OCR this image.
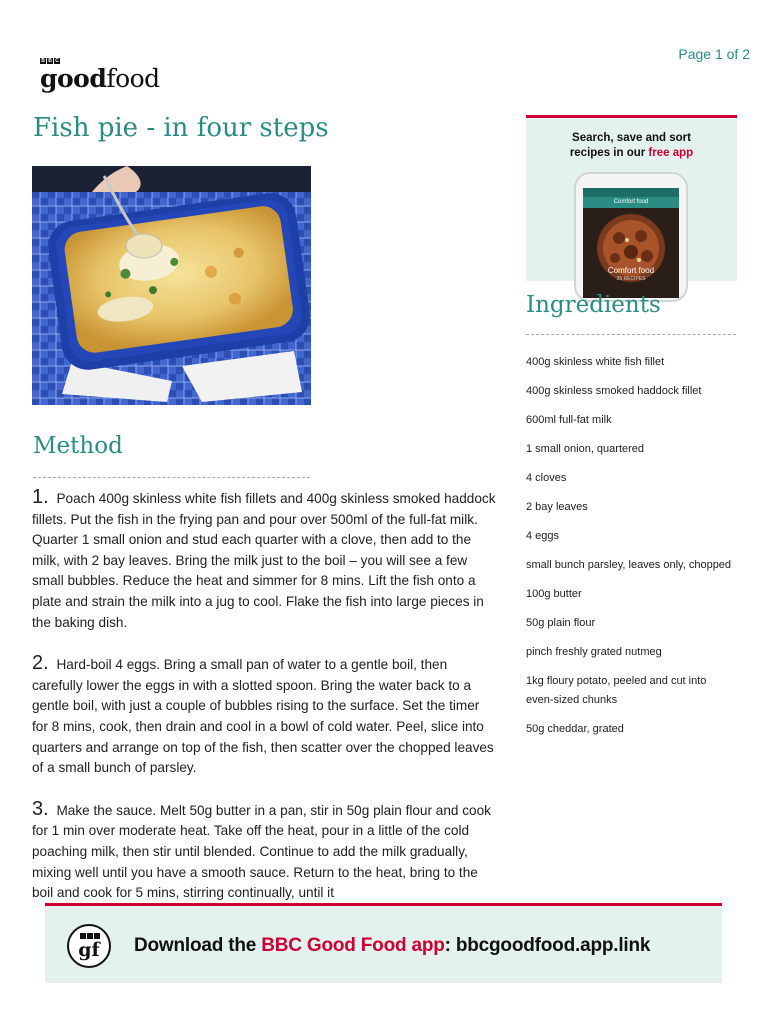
Page 1 of 2
B B C
goodfood
Fish pie - in four steps
Method

1. Poach 400g skinless white fish fillets and 400g skinless smoked haddock fillets. Put the fish in the frying pan and pour over 500ml of the full-fat milk. Quarter 1 small onion and stud each quarter with a clove, then add to the milk, with 2 bay leaves. Bring the milk just to the boil – you will see a few small bubbles. Reduce the heat and simmer for 8 mins. Lift the fish onto a plate and strain the milk into a jug to cool. Flake the fish into large pieces in the baking dish.

2. Hard-boil 4 eggs. Bring a small pan of water to a gentle boil, then carefully lower the eggs in with a slotted spoon. Bring the water back to a gentle boil, with just a couple of bubbles rising to the surface. Set the timer for 8 mins, cook, then drain and cool in a bowl of cold water. Peel, slice into quarters and arrange on top of the fish, then scatter over the chopped leaves of a small bunch of parsley.

3. Make the sauce. Melt 50g butter in a pan, stir in 50g plain flour and cook for 1 min over moderate heat. Take off the heat, pour in a little of the cold poaching milk, then stir until blended. Continue to add the milk gradually, mixing well until you have a smooth sauce. Return to the heat, bring to the boil and cook for 5 mins, stirring continually, until it

Search, save and sort
recipes in our free app
Comfort food
Comfort food
36 RECIPES
Ingredients
400g skinless white fish fillet
400g skinless smoked haddock fillet
600ml full-fat milk
1 small onion, quartered
4 cloves
2 bay leaves
4 eggs
small bunch parsley, leaves only, chopped
100g butter
50g plain flour
pinch freshly grated nutmeg
1kg floury potato, peeled and cut into even-sized chunks
50g cheddar, grated
gf	Download the BBC Good Food app: bbcgoodfood.app.link
